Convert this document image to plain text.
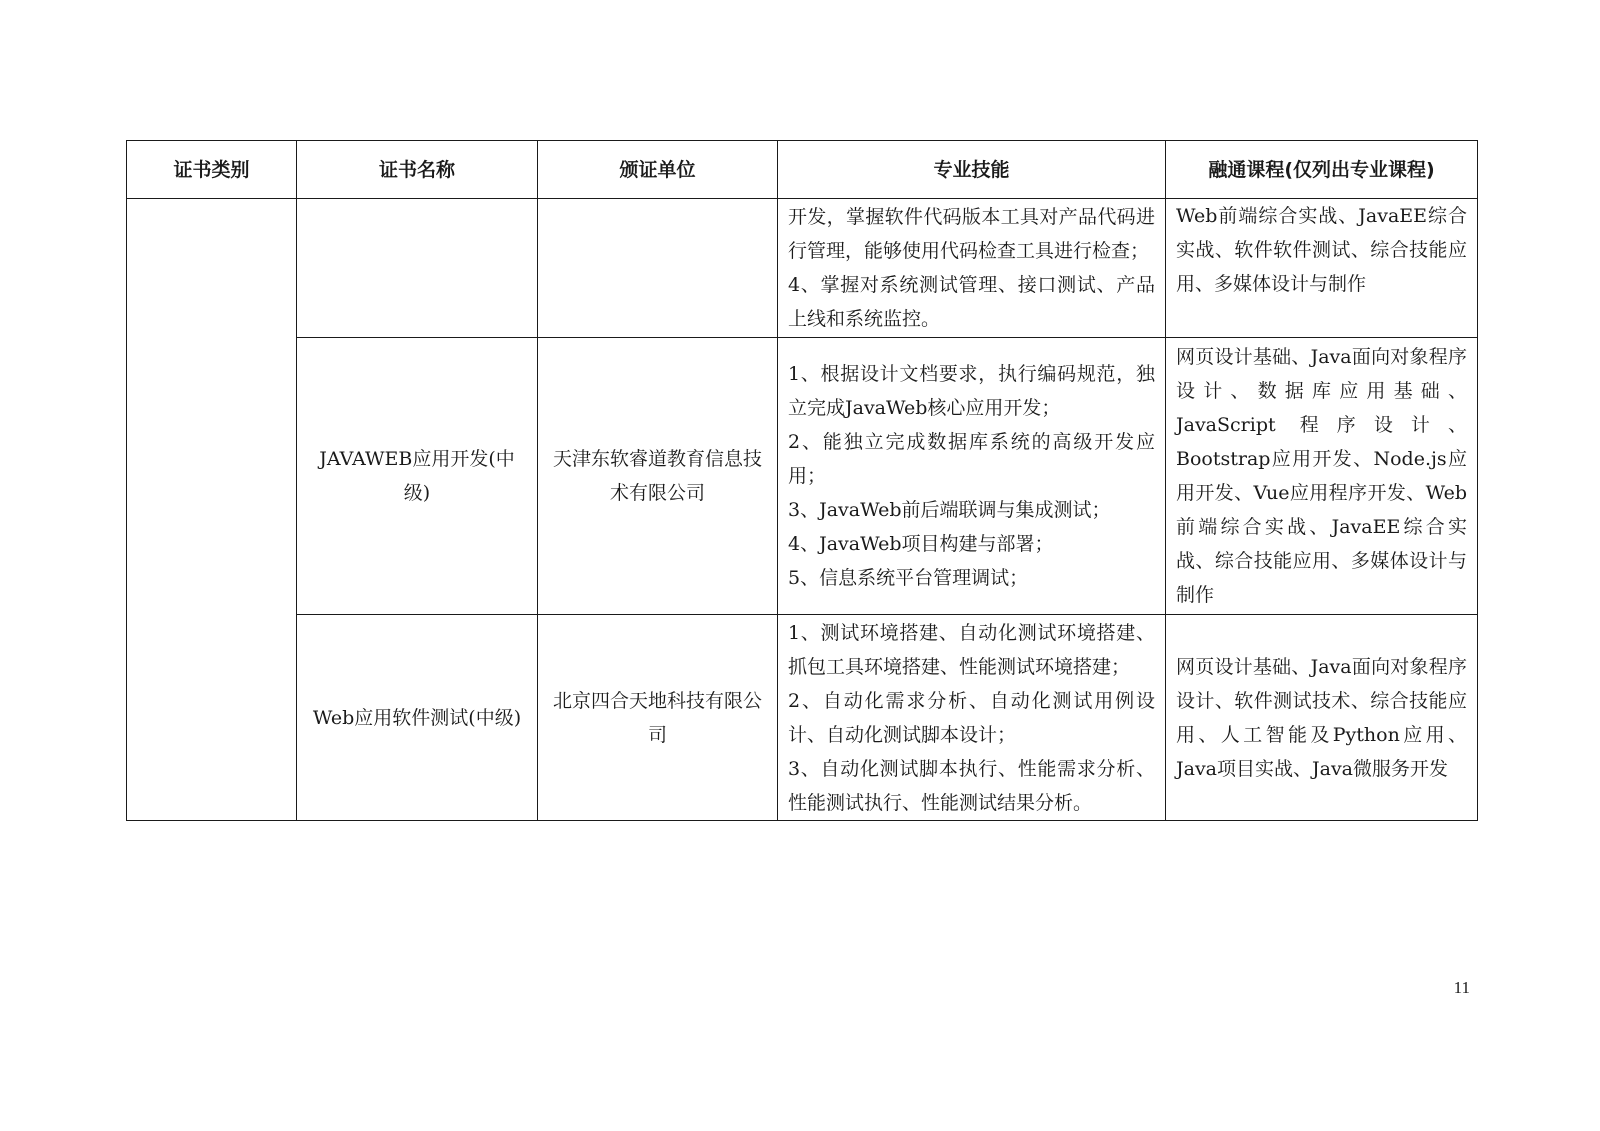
证书类别	证书名称	颁证单位	专业技能	融通课程(仅列出专业课程)

			开发，掌握软件代码版本工具对产品代码进行管理，能够使用代码检查工具进行检查；
4、掌握对系统测试管理、接口测试、产品上线和系统监控。	Web前端综合实战、JavaEE综合实战、软件软件测试、综合技能应用、多媒体设计与制作
	JAVAWEB应用开发(中级)	天津东软睿道教育信息技术有限公司	1、根据设计文档要求，执行编码规范，独立完成JavaWeb核心应用开发；
2、能独立完成数据库系统的高级开发应用；
3、JavaWeb前后端联调与集成测试；
4、JavaWeb项目构建与部署；
5、信息系统平台管理调试；	网页设计基础、Java面向对象程序设计、数据库应用基础、JavaScript 程序设计、Bootstrap应用开发、Node.js应用开发、Vue应用程序开发、Web前端综合实战、JavaEE综合实战、综合技能应用、多媒体设计与制作
	Web应用软件测试(中级)	北京四合天地科技有限公司	1、测试环境搭建、自动化测试环境搭建、抓包工具环境搭建、性能测试环境搭建；
2、自动化需求分析、自动化测试用例设计、自动化测试脚本设计；
3、自动化测试脚本执行、性能需求分析、性能测试执行、性能测试结果分析。	网页设计基础、Java面向对象程序设计、软件测试技术、综合技能应用、人工智能及Python应用、Java项目实战、Java微服务开发
11
